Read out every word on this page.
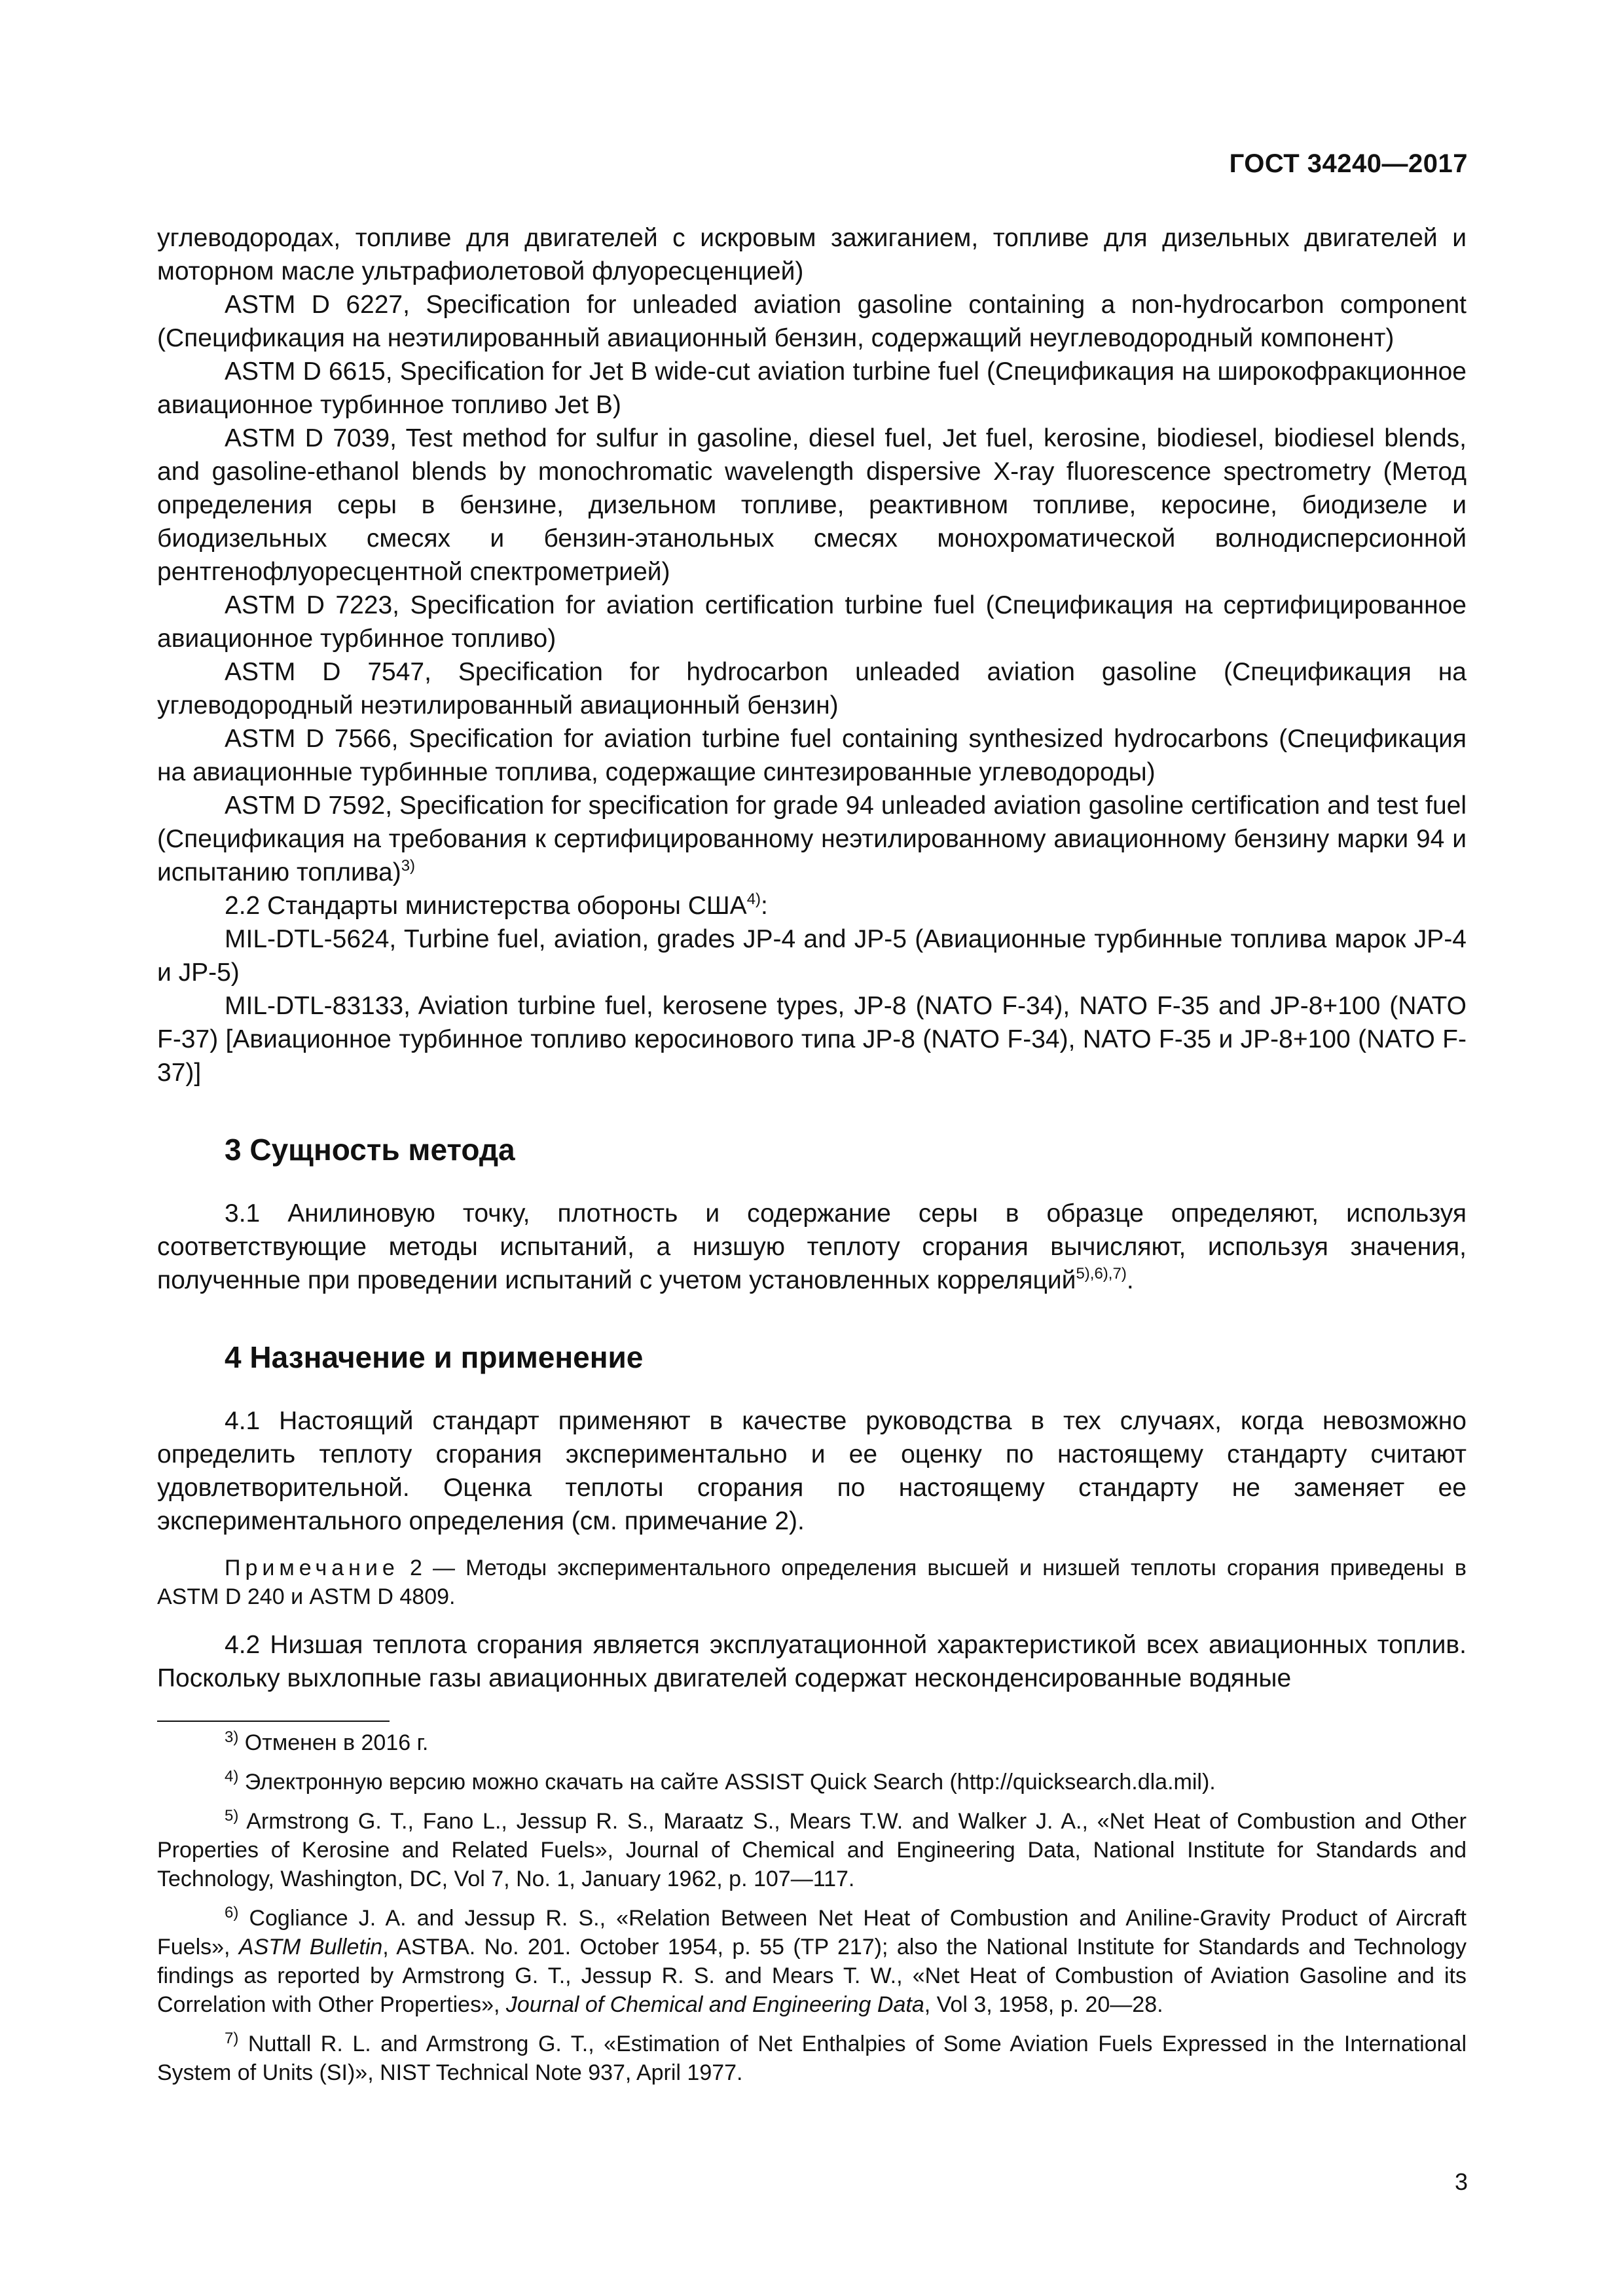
ГОСТ 34240—2017

углеводородах, топливе для двигателей с искровым зажиганием, топливе для дизельных двигателей и моторном масле ультрафиолетовой флуоресценцией)

ASTM D 6227, Specification for unleaded aviation gasoline containing a non-hydrocarbon component (Спецификация на неэтилированный авиационный бензин, содержащий неуглеводородный компонент)

ASTM D 6615, Specification for Jet B wide-cut aviation turbine fuel (Спецификация на широкофракционное авиационное турбинное топливо Jet B)

ASTM D 7039, Test method for sulfur in gasoline, diesel fuel, Jet fuel, kerosine, biodiesel, biodiesel blends, and gasoline-ethanol blends by monochromatic wavelength dispersive X-ray fluorescence spectrometry (Метод определения серы в бензине, дизельном топливе, реактивном топливе, керосине, биодизеле и биодизельных смесях и бензин-этанольных смесях монохроматической волнодисперсионной рентгенофлуоресцентной спектрометрией)

ASTM D 7223, Specification for aviation certification turbine fuel (Спецификация на сертифицированное авиационное турбинное топливо)

ASTM D 7547, Specification for hydrocarbon unleaded aviation gasoline (Спецификация на углеводородный неэтилированный авиационный бензин)

ASTM D 7566, Specification for aviation turbine fuel containing synthesized hydrocarbons (Спецификация на авиационные турбинные топлива, содержащие синтезированные углеводороды)

ASTM D 7592, Specification for specification for grade 94 unleaded aviation gasoline certification and test fuel (Спецификация на требования к сертифицированному неэтилированному авиационному бензину марки 94 и испытанию топлива)$^{3)}$

2.2 Стандарты министерства обороны США$^{4)}$:

MIL-DTL-5624, Turbine fuel, aviation, grades JP-4 and JP-5 (Авиационные турбинные топлива марок JP-4 и JP-5)

MIL-DTL-83133, Aviation turbine fuel, kerosene types, JP-8 (NATO F-34), NATO F-35 and JP-8+100 (NATO F-37) [Авиационное турбинное топливо керосинового типа JP-8 (NATO F-34), NATO F-35 и JP-8+100 (NATO F-37)]

3 Сущность метода

3.1 Анилиновую точку, плотность и содержание серы в образце определяют, используя соответствующие методы испытаний, а низшую теплоту сгорания вычисляют, используя значения, полученные при проведении испытаний с учетом установленных корреляций$^{5),6),7)}$.

4 Назначение и применение

4.1 Настоящий стандарт применяют в качестве руководства в тех случаях, когда невозможно определить теплоту сгорания экспериментально и ее оценку по настоящему стандарту считают удовлетворительной. Оценка теплоты сгорания по настоящему стандарту не заменяет ее экспериментального определения (см. примечание 2).

Примечание 2 — Методы экспериментального определения высшей и низшей теплоты сгорания приведены в ASTM D 240 и ASTM D 4809.

4.2 Низшая теплота сгорания является эксплуатационной характеристикой всех авиационных топлив. Поскольку выхлопные газы авиационных двигателей содержат несконденсированные водяные

$^{3)}$ Отменен в 2016 г.

$^{4)}$ Электронную версию можно скачать на сайте ASSIST Quick Search (http://quicksearch.dla.mil).

$^{5)}$ Armstrong G. T., Fano L., Jessup R. S., Maraatz S., Mears T.W. and Walker J. A., «Net Heat of Combustion and Other Properties of Kerosine and Related Fuels», Journal of Chemical and Engineering Data, National Institute for Standards and Technology, Washington, DC, Vol 7, No. 1, January 1962, p. 107—117.

$^{6)}$ Cogliance J. A. and Jessup R. S., «Relation Between Net Heat of Combustion and Aniline-Gravity Product of Aircraft Fuels», ASTM Bulletin, ASTBA. No. 201. October 1954, p. 55 (TP 217); also the National Institute for Standards and Technology findings as reported by Armstrong G. T., Jessup R. S. and Mears T. W., «Net Heat of Combustion of Aviation Gasoline and its Correlation with Other Properties», Journal of Chemical and Engineering Data, Vol 3, 1958, p. 20—28.

$^{7)}$ Nuttall R. L. and Armstrong G. T., «Estimation of Net Enthalpies of Some Aviation Fuels Expressed in the International System of Units (SI)», NIST Technical Note 937, April 1977.

3
